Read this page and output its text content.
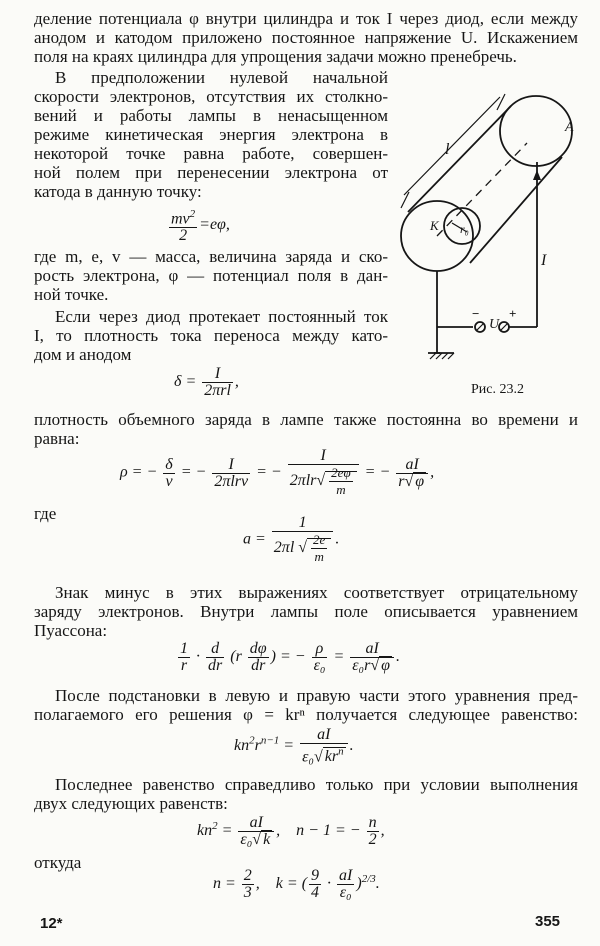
деление потенциала φ внутри цилиндра и ток I через диод, если между
анодом и катодом приложено постоянное напряжение U. Искажением
поля на краях цилиндра для упрощения задачи можно пренебречь.
В предположении нулевой начальной
скорости электронов, отсутствия их столкно-
вений и работы лампы в ненасыщенном
режиме кинетическая энергия электрона в
некоторой точке равна работе, совершен-
ной полем при перенесении электрона от
катода в данную точку:
$\frac{mv^2}{2} =e\varphi$,
где m, e, v — масса, величина заряда и ско-
рость электрона, φ — потенциал поля в дан-
ной точке.
Если через диод протекает постоянный ток
I, то плотность тока переноса между като-
дом и анодом
$\delta = \frac{I}{\text{2πrl}}$ ,
l
A
K r₀
I
U
− +
Рис. 23.2
плотность объемного заряда в лампе также постоянна во времени и
равна:
ρ = − $\frac{\delta}{v}$ = − $\frac{I}{\text{2πlrv}}$ = − $\frac{I}{2\pi lr√ \frac{2e\varphi}{m}}$ = − $\frac{aI}{r√ \varphi}$ ,
где
$a = \frac{1}{2\pi l √ \frac{2e}{m}}$ .
Знак минус в этих выражениях соответствует отрицательному
заряду электронов. Внутри лампы поле описывается уравнением
Пуассона:
$\frac{1}{r} \cdot \frac{d}{dr} (r \frac{d\varphi}{dr}$ ) = − $\frac{\rho}{\text{ε₀}} = \frac{aI}{\text{ε₀r√ φ}}$ .
После подстановки в левую и правую части этого уравнения пред-
полагаемого его решения φ = krⁿ получается следующее равенство:
$kn^2r^{n-1} = \frac{aI}{\varepsilon_0√ kr^n}$ .
Последнее равенство справедливо только при условии выполнения
двух следующих равенств:
$kn^2 = \frac{aI}{\text{ε₀√ k}}$ ,    n − 1 = − $\frac{n}{2}$ ,
откуда
$n = \frac{2}{3}$ ,    k = ( $\frac{9}{4} \cdot \frac{aI}{\text{ε₀}} )^{2/3}$.
12*	355
